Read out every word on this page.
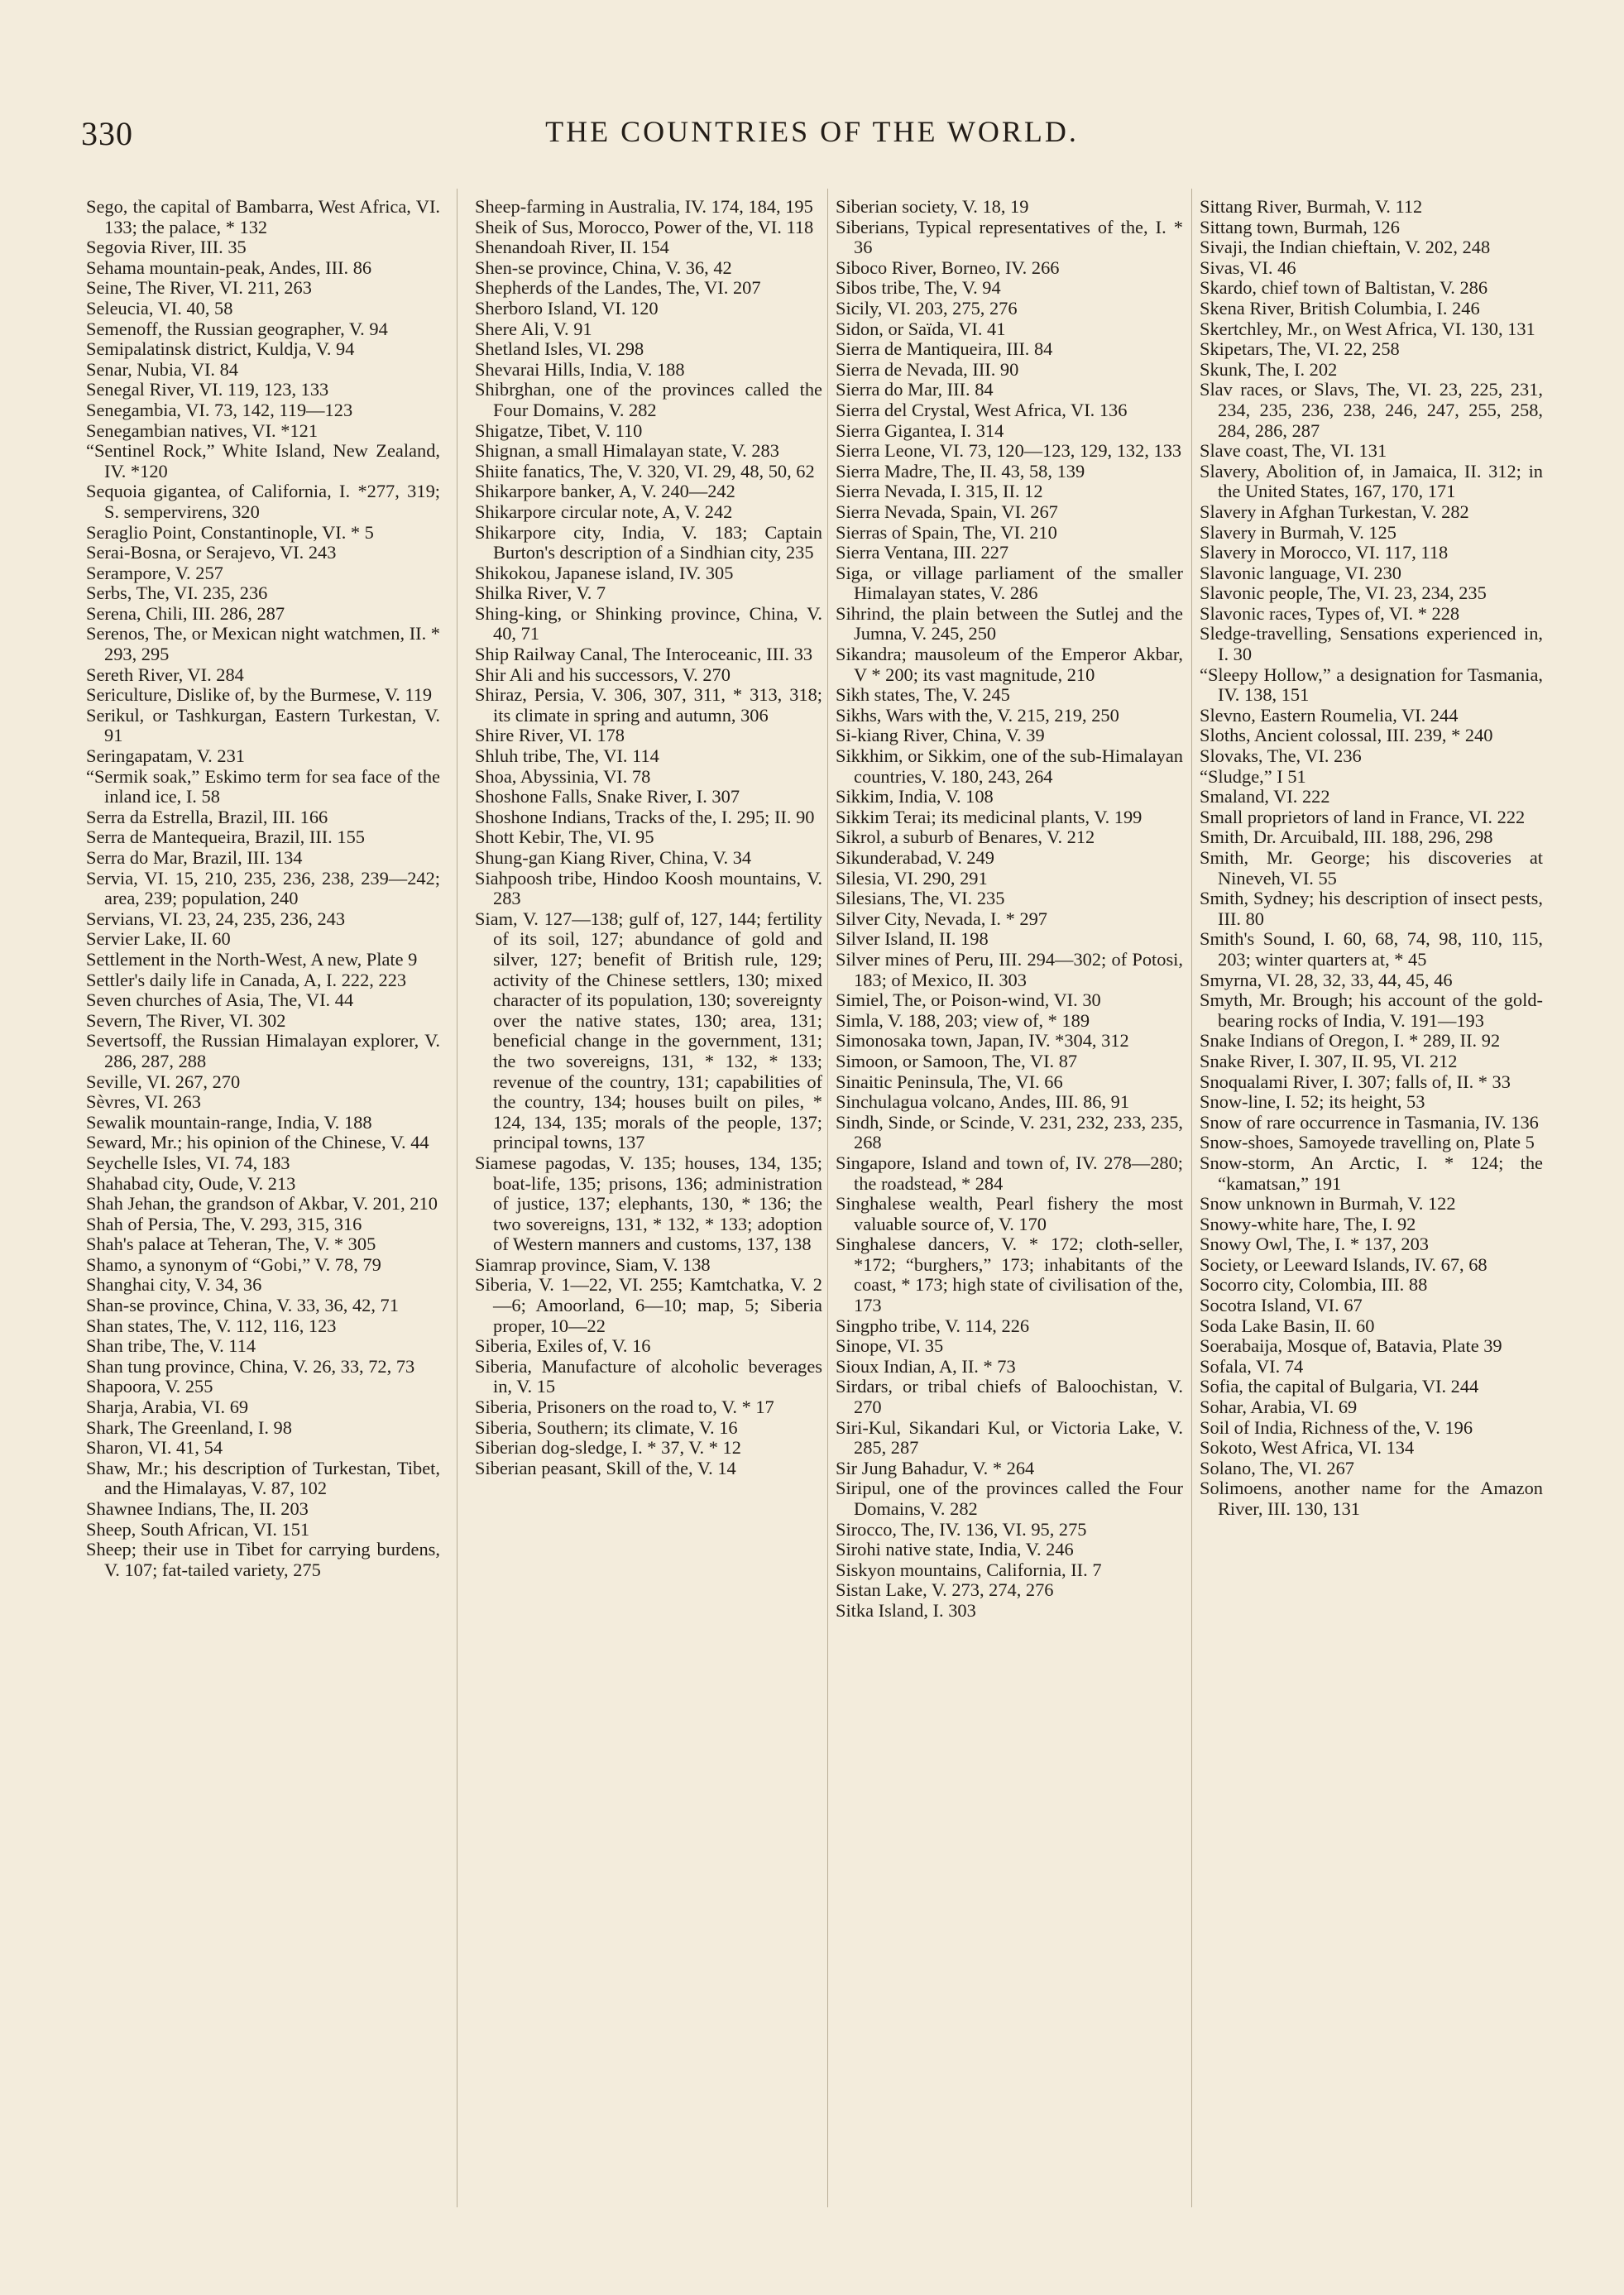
330	THE COUNTRIES OF THE WORLD.

Sego, the capital of Bambarra, West Africa, VI. 133; the palace, * 132

Segovia River, III. 35

Sehama mountain-peak, Andes, III. 86

Seine, The River, VI. 211, 263

Seleucia, VI. 40, 58

Semenoff, the Russian geographer, V. 94

Semipalatinsk district, Kuldja, V. 94

Senar, Nubia, VI. 84

Senegal River, VI. 119, 123, 133

Senegambia, VI. 73, 142, 119—123

Senegambian natives, VI. *121

“Sentinel Rock,” White Island, New Zealand, IV. *120

Sequoia gigantea, of California, I. *277, 319; S. sempervirens, 320

Seraglio Point, Constantinople, VI. * 5

Serai-Bosna, or Serajevo, VI. 243

Serampore, V. 257

Serbs, The, VI. 235, 236

Serena, Chili, III. 286, 287

Serenos, The, or Mexican night watchmen, II. * 293, 295

Sereth River, VI. 284

Sericulture, Dislike of, by the Burmese, V. 119

Serikul, or Tashkurgan, Eastern Turkestan, V. 91

Seringapatam, V. 231

“Sermik soak,” Eskimo term for sea face of the inland ice, I. 58

Serra da Estrella, Brazil, III. 166

Serra de Mantequeira, Brazil, III. 155

Serra do Mar, Brazil, III. 134

Servia, VI. 15, 210, 235, 236, 238, 239—242; area, 239; population, 240

Servians, VI. 23, 24, 235, 236, 243

Servier Lake, II. 60

Settlement in the North-West, A new, Plate 9

Settler's daily life in Canada, A, I. 222, 223

Seven churches of Asia, The, VI. 44

Severn, The River, VI. 302

Severtsoff, the Russian Himalayan explorer, V. 286, 287, 288

Seville, VI. 267, 270

Sèvres, VI. 263

Sewalik mountain-range, India, V. 188

Seward, Mr.; his opinion of the Chinese, V. 44

Seychelle Isles, VI. 74, 183

Shahabad city, Oude, V. 213

Shah Jehan, the grandson of Akbar, V. 201, 210

Shah of Persia, The, V. 293, 315, 316

Shah's palace at Teheran, The, V. * 305

Shamo, a synonym of “Gobi,” V. 78, 79

Shanghai city, V. 34, 36

Shan-se province, China, V. 33, 36, 42, 71

Shan states, The, V. 112, 116, 123

Shan tribe, The, V. 114

Shan tung province, China, V. 26, 33, 72, 73

Shapoora, V. 255

Sharja, Arabia, VI. 69

Shark, The Greenland, I. 98

Sharon, VI. 41, 54

Shaw, Mr.; his description of Turkestan, Tibet, and the Himalayas, V. 87, 102

Shawnee Indians, The, II. 203

Sheep, South African, VI. 151

Sheep; their use in Tibet for carrying burdens, V. 107; fat-tailed variety, 275

Sheep-farming in Australia, IV. 174, 184, 195

Sheik of Sus, Morocco, Power of the, VI. 118

Shenandoah River, II. 154

Shen-se province, China, V. 36, 42

Shepherds of the Landes, The, VI. 207

Sherboro Island, VI. 120

Shere Ali, V. 91

Shetland Isles, VI. 298

Shevarai Hills, India, V. 188

Shibrghan, one of the provinces called the Four Domains, V. 282

Shigatze, Tibet, V. 110

Shignan, a small Himalayan state, V. 283

Shiite fanatics, The, V. 320, VI. 29, 48, 50, 62

Shikarpore banker, A, V. 240—242

Shikarpore circular note, A, V. 242

Shikarpore city, India, V. 183; Captain Burton's description of a Sindhian city, 235

Shikokou, Japanese island, IV. 305

Shilka River, V. 7

Shing-king, or Shinking province, China, V. 40, 71

Ship Railway Canal, The Interoceanic, III. 33

Shir Ali and his successors, V. 270

Shiraz, Persia, V. 306, 307, 311, * 313, 318; its climate in spring and autumn, 306

Shire River, VI. 178

Shluh tribe, The, VI. 114

Shoa, Abyssinia, VI. 78

Shoshone Falls, Snake River, I. 307

Shoshone Indians, Tracks of the, I. 295; II. 90

Shott Kebir, The, VI. 95

Shung-gan Kiang River, China, V. 34

Siahpoosh tribe, Hindoo Koosh mountains, V. 283

Siam, V. 127—138; gulf of, 127, 144; fertility of its soil, 127; abundance of gold and silver, 127; benefit of British rule, 129; activity of the Chinese settlers, 130; mixed character of its population, 130; sovereignty over the native states, 130; area, 131; beneficial change in the government, 131; the two sovereigns, 131, * 132, * 133; revenue of the country, 131; capabilities of the country, 134; houses built on piles, * 124, 134, 135; morals of the people, 137; principal towns, 137

Siamese pagodas, V. 135; houses, 134, 135; boat-life, 135; prisons, 136; administration of justice, 137; elephants, 130, * 136; the two sovereigns, 131, * 132, * 133; adoption of Western manners and customs, 137, 138

Siamrap province, Siam, V. 138

Siberia, V. 1—22, VI. 255; Kamtchatka, V. 2—6; Amoorland, 6—10; map, 5; Siberia proper, 10—22

Siberia, Exiles of, V. 16

Siberia, Manufacture of alcoholic beverages in, V. 15

Siberia, Prisoners on the road to, V. * 17

Siberia, Southern; its climate, V. 16

Siberian dog-sledge, I. * 37, V. * 12

Siberian peasant, Skill of the, V. 14

Siberian society, V. 18, 19

Siberians, Typical representatives of the, I. * 36

Siboco River, Borneo, IV. 266

Sibos tribe, The, V. 94

Sicily, VI. 203, 275, 276

Sidon, or Saïda, VI. 41

Sierra de Mantiqueira, III. 84

Sierra de Nevada, III. 90

Sierra do Mar, III. 84

Sierra del Crystal, West Africa, VI. 136

Sierra Gigantea, I. 314

Sierra Leone, VI. 73, 120—123, 129, 132, 133

Sierra Madre, The, II. 43, 58, 139

Sierra Nevada, I. 315, II. 12

Sierra Nevada, Spain, VI. 267

Sierras of Spain, The, VI. 210

Sierra Ventana, III. 227

Siga, or village parliament of the smaller Himalayan states, V. 286

Sihrind, the plain between the Sutlej and the Jumna, V. 245, 250

Sikandra; mausoleum of the Emperor Akbar, V * 200; its vast magnitude, 210

Sikh states, The, V. 245

Sikhs, Wars with the, V. 215, 219, 250

Si-kiang River, China, V. 39

Sikkhim, or Sikkim, one of the sub-Himalayan countries, V. 180, 243, 264

Sikkim, India, V. 108

Sikkim Terai; its medicinal plants, V. 199

Sikrol, a suburb of Benares, V. 212

Sikunderabad, V. 249

Silesia, VI. 290, 291

Silesians, The, VI. 235

Silver City, Nevada, I. * 297

Silver Island, II. 198

Silver mines of Peru, III. 294—302; of Potosi, 183; of Mexico, II. 303

Simiel, The, or Poison-wind, VI. 30

Simla, V. 188, 203; view of, * 189

Simonosaka town, Japan, IV. *304, 312

Simoon, or Samoon, The, VI. 87

Sinaitic Peninsula, The, VI. 66

Sinchulagua volcano, Andes, III. 86, 91

Sindh, Sinde, or Scinde, V. 231, 232, 233, 235, 268

Singapore, Island and town of, IV. 278—280; the roadstead, * 284

Singhalese wealth, Pearl fishery the most valuable source of, V. 170

Singhalese dancers, V. * 172; cloth-seller, *172; “burghers,” 173; inhabitants of the coast, * 173; high state of civilisation of the, 173

Singpho tribe, V. 114, 226

Sinope, VI. 35

Sioux Indian, A, II. * 73

Sirdars, or tribal chiefs of Baloochistan, V. 270

Siri-Kul, Sikandari Kul, or Victoria Lake, V. 285, 287

Sir Jung Bahadur, V. * 264

Siripul, one of the provinces called the Four Domains, V. 282

Sirocco, The, IV. 136, VI. 95, 275

Sirohi native state, India, V. 246

Siskyon mountains, California, II. 7

Sistan Lake, V. 273, 274, 276

Sitka Island, I. 303

Sittang River, Burmah, V. 112

Sittang town, Burmah, 126

Sivaji, the Indian chieftain, V. 202, 248

Sivas, VI. 46

Skardo, chief town of Baltistan, V. 286

Skena River, British Columbia, I. 246

Skertchley, Mr., on West Africa, VI. 130, 131

Skipetars, The, VI. 22, 258

Skunk, The, I. 202

Slav races, or Slavs, The, VI. 23, 225, 231, 234, 235, 236, 238, 246, 247, 255, 258, 284, 286, 287

Slave coast, The, VI. 131

Slavery, Abolition of, in Jamaica, II. 312; in the United States, 167, 170, 171

Slavery in Afghan Turkestan, V. 282

Slavery in Burmah, V. 125

Slavery in Morocco, VI. 117, 118

Slavonic language, VI. 230

Slavonic people, The, VI. 23, 234, 235

Slavonic races, Types of, VI. * 228

Sledge-travelling, Sensations experienced in, I. 30

“Sleepy Hollow,” a designation for Tasmania, IV. 138, 151

Slevno, Eastern Roumelia, VI. 244

Sloths, Ancient colossal, III. 239, * 240

Slovaks, The, VI. 236

“Sludge,” I 51

Smaland, VI. 222

Small proprietors of land in France, VI. 222

Smith, Dr. Arcuibald, III. 188, 296, 298

Smith, Mr. George; his discoveries at Nineveh, VI. 55

Smith, Sydney; his description of insect pests, III. 80

Smith's Sound, I. 60, 68, 74, 98, 110, 115, 203; winter quarters at, * 45

Smyrna, VI. 28, 32, 33, 44, 45, 46

Smyth, Mr. Brough; his account of the gold-bearing rocks of India, V. 191—193

Snake Indians of Oregon, I. * 289, II. 92

Snake River, I. 307, II. 95, VI. 212

Snoqualami River, I. 307; falls of, II. * 33

Snow-line, I. 52; its height, 53

Snow of rare occurrence in Tasmania, IV. 136

Snow-shoes, Samoyede travelling on, Plate 5

Snow-storm, An Arctic, I. * 124; the “kamatsan,” 191

Snow unknown in Burmah, V. 122

Snowy-white hare, The, I. 92

Snowy Owl, The, I. * 137, 203

Society, or Leeward Islands, IV. 67, 68

Socorro city, Colombia, III. 88

Socotra Island, VI. 67

Soda Lake Basin, II. 60

Soerabaija, Mosque of, Batavia, Plate 39

Sofala, VI. 74

Sofia, the capital of Bulgaria, VI. 244

Sohar, Arabia, VI. 69

Soil of India, Richness of the, V. 196

Sokoto, West Africa, VI. 134

Solano, The, VI. 267

Solimoens, another name for the Amazon River, III. 130, 131
